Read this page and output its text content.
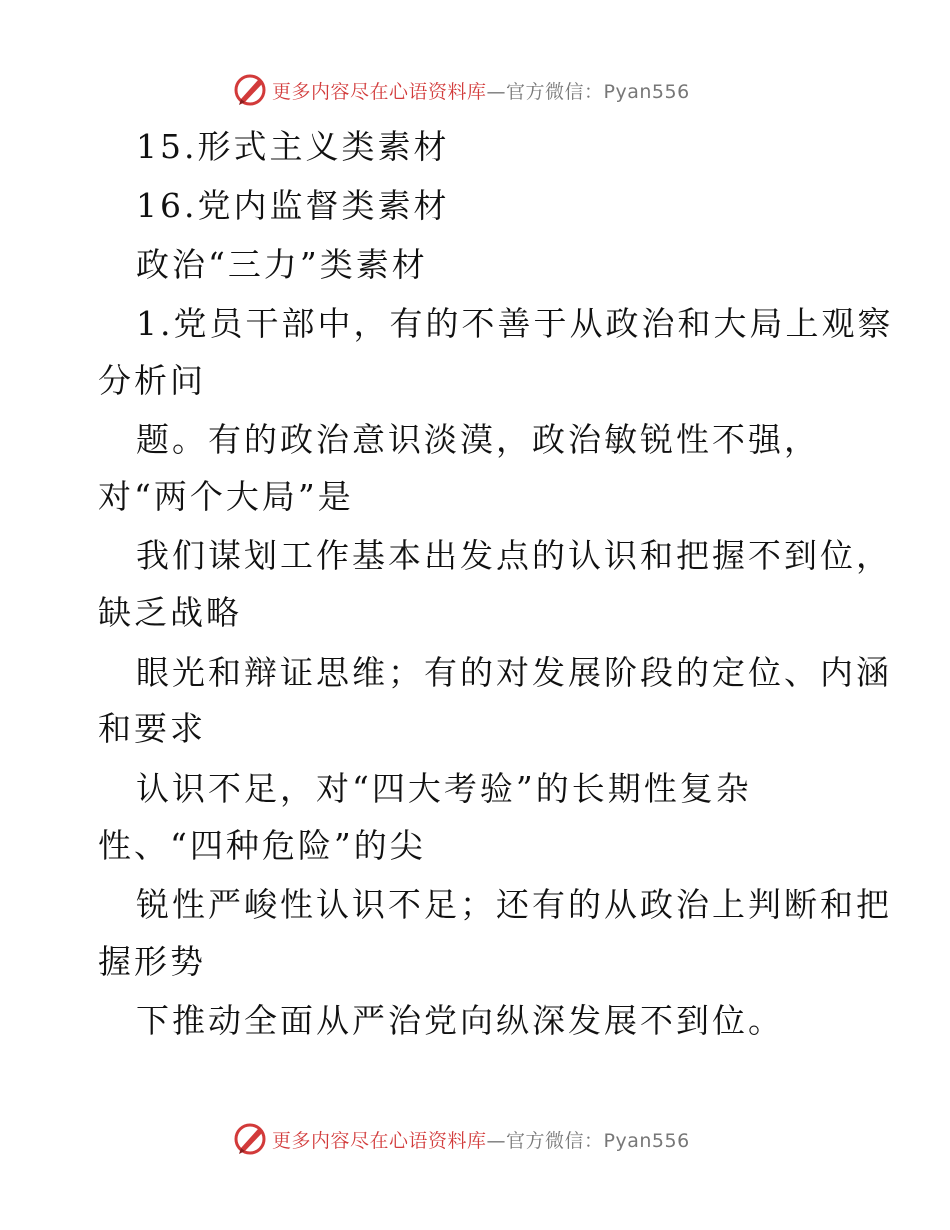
更多内容尽在心语资料库 —官方微信：Pyan556
15.形式主义类素材
16.党内监督类素材
政治“三力”类素材
1.党员干部中，有的不善于从政治和大局上观察
分析问
题。有的政治意识淡漠，政治敏锐性不强，
对“两个大局”是
我们谋划工作基本出发点的认识和把握不到位，
缺乏战略
眼光和辩证思维；有的对发展阶段的定位、内涵
和要求
认识不足，对“四大考验”的长期性复杂
性、“四种危险”的尖
锐性严峻性认识不足；还有的从政治上判断和把
握形势
下推动全面从严治党向纵深发展不到位。
更多内容尽在心语资料库 —官方微信：Pyan556
